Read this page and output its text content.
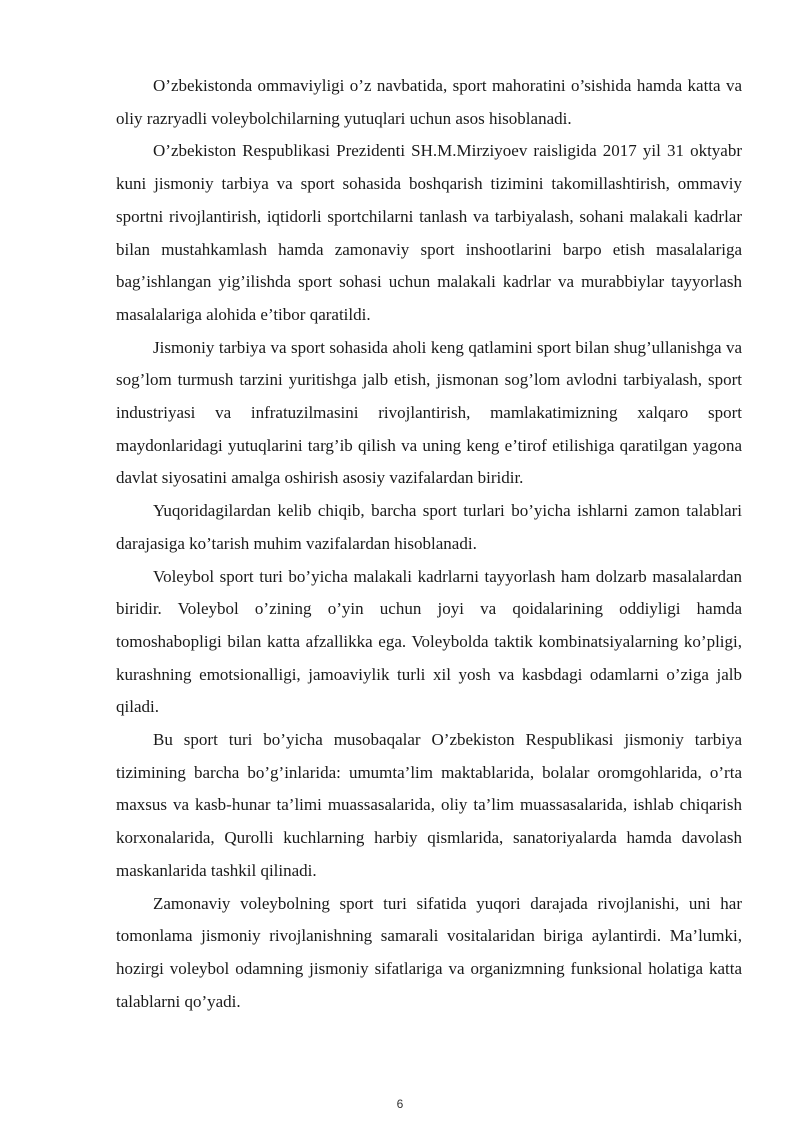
O’zbekistonda ommaviyligi o’z navbatida, sport mahoratini o’sishida hamda katta va oliy razryadli voleybolchilarning yutuqlari uchun asos hisoblanadi.

O’zbekiston Respublikasi Prezidenti SH.M.Mirziyoev raisligida 2017 yil 31 oktyabr kuni jismoniy tarbiya va sport sohasida boshqarish tizimini takomillashtirish, ommaviy sportni rivojlantirish, iqtidorli sportchilarni tanlash va tarbiyalash, sohani malakali kadrlar bilan mustahkamlash hamda zamonaviy sport inshootlarini barpo etish masalalariga bag’ishlangan yig’ilishda sport sohasi uchun malakali kadrlar va murabbiylar tayyorlash masalalariga alohida e’tibor qaratildi.

Jismoniy tarbiya va sport sohasida aholi keng qatlamini sport bilan shug’ullanishga va sog’lom turmush tarzini yuritishga jalb etish, jismonan sog’lom avlodni tarbiyalash, sport industriyasi va infratuzilmasini rivojlantirish, mamlakatimizning xalqaro sport maydonlaridagi yutuqlarini targ’ib qilish va uning keng e’tirof etilishiga qaratilgan yagona davlat siyosatini amalga oshirish asosiy vazifalardan biridir.

Yuqoridagilardan kelib chiqib, barcha sport turlari bo’yicha ishlarni zamon talablari darajasiga ko’tarish muhim vazifalardan hisoblanadi.

Voleybol sport turi bo’yicha malakali kadrlarni tayyorlash ham dolzarb masalalardan biridir. Voleybol o’zining o’yin uchun joyi va qoidalarining oddiyligi hamda tomoshabopligi bilan katta afzallikka ega. Voleybolda taktik kombinatsiyalarning ko’pligi, kurashning emotsionalligi, jamoaviylik turli xil yosh va kasbdagi odamlarni o’ziga jalb qiladi.

Bu sport turi bo’yicha musobaqalar O’zbekiston Respublikasi jismoniy tarbiya tizimining barcha bo’g’inlarida: umumta’lim maktablarida, bolalar oromgohlarida, o’rta maxsus va kasb-hunar ta’limi muassasalarida, oliy ta’lim muassasalarida, ishlab chiqarish korxonalarida, Qurolli kuchlarning harbiy qismlarida, sanatoriyalarda hamda davolash maskanlarida tashkil qilinadi.

Zamonaviy voleybolning sport turi sifatida yuqori darajada rivojlanishi, uni har tomonlama jismoniy rivojlanishning samarali vositalaridan biriga aylantirdi. Ma’lumki, hozirgi voleybol odamning jismoniy sifatlariga va organizmning funksional holatiga katta talablarni qo’yadi.

6
